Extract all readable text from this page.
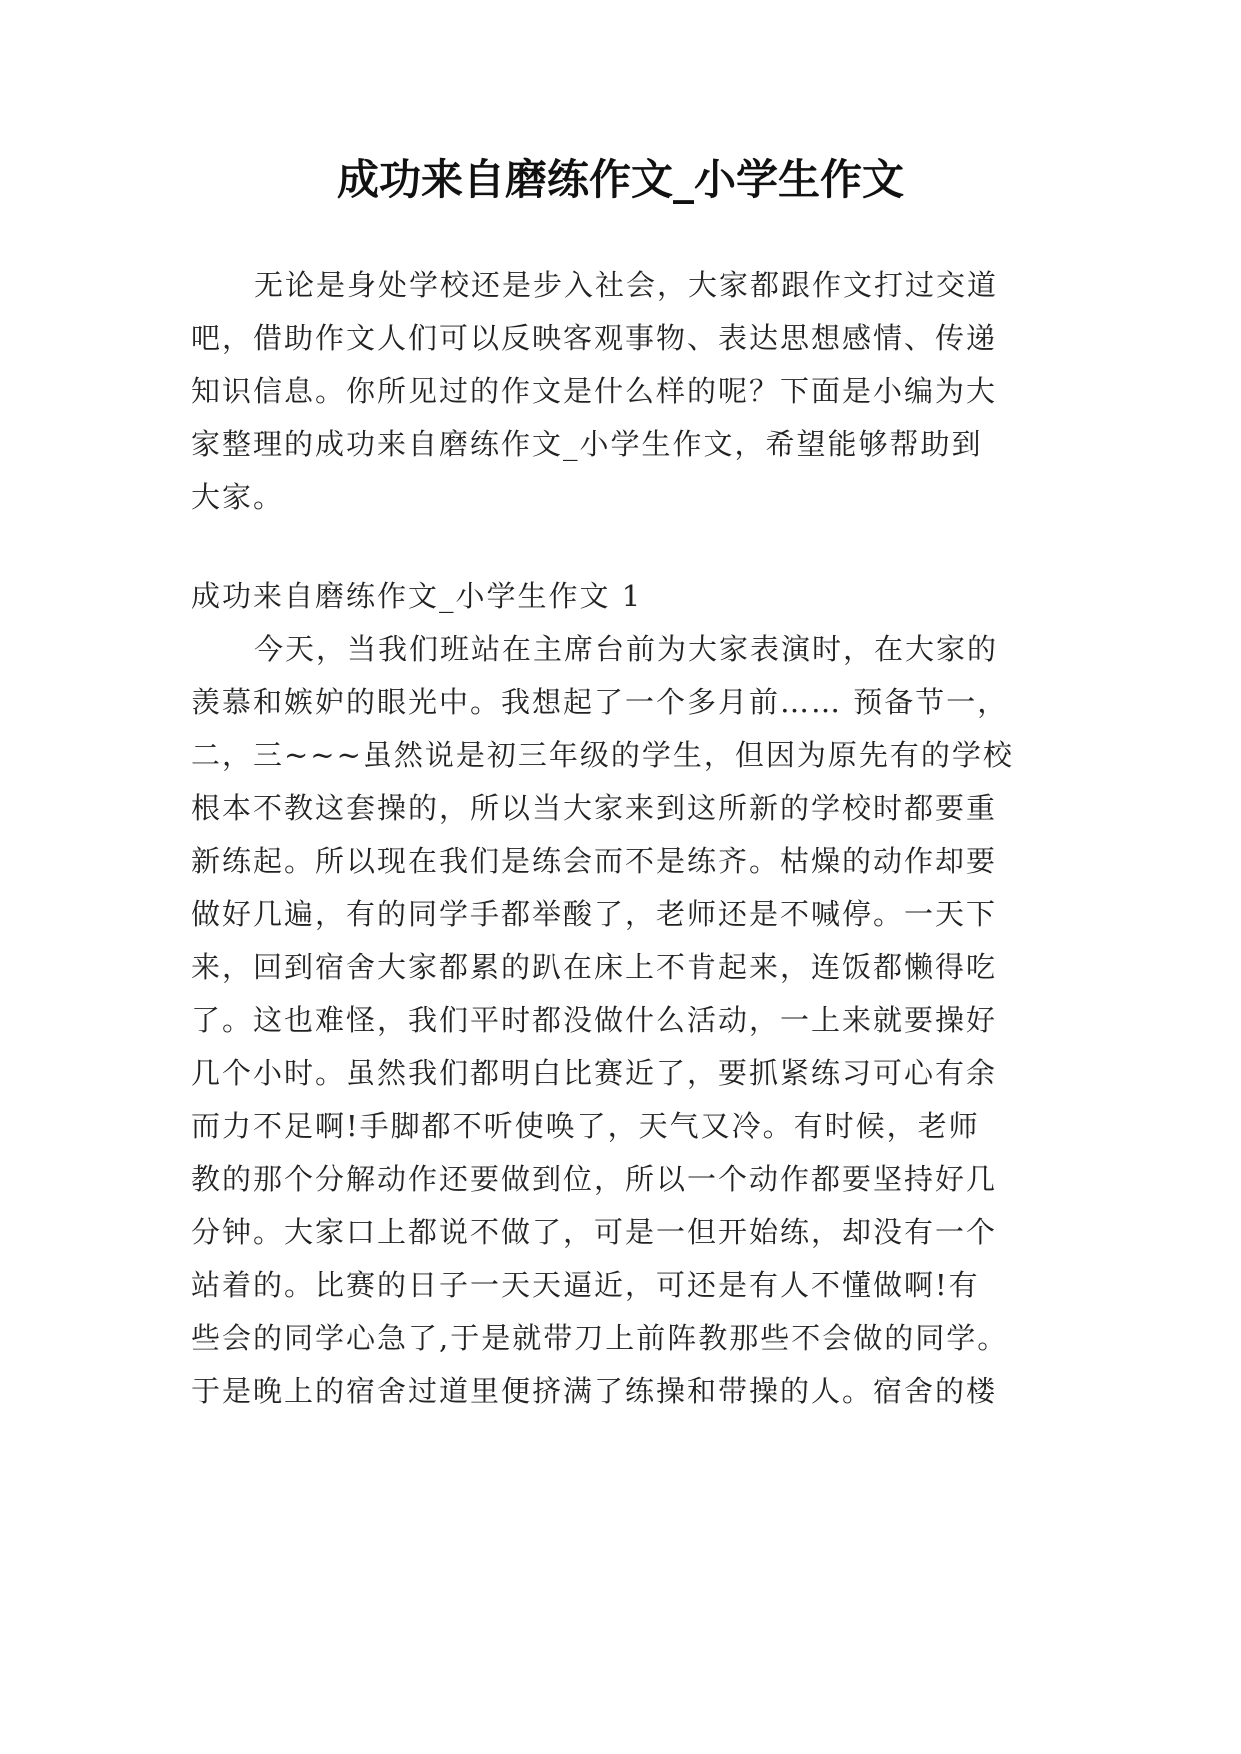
成功来自磨练作文_小学生作文

无论是身处学校还是步入社会，大家都跟作文打过交道

吧，借助作文人们可以反映客观事物、表达思想感情、传递

知识信息。你所见过的作文是什么样的呢？下面是小编为大

家整理的成功来自磨练作文_小学生作文，希望能够帮助到

大家。

成功来自磨练作文_小学生作文 1

今天，当我们班站在主席台前为大家表演时，在大家的

羡慕和嫉妒的眼光中。我想起了一个多月前…… 预备节一，

二，三~~~虽然说是初三年级的学生，但因为原先有的学校

根本不教这套操的，所以当大家来到这所新的学校时都要重

新练起。所以现在我们是练会而不是练齐。枯燥的动作却要

做好几遍，有的同学手都举酸了，老师还是不喊停。一天下

来，回到宿舍大家都累的趴在床上不肯起来，连饭都懒得吃

了。这也难怪，我们平时都没做什么活动，一上来就要操好

几个小时。虽然我们都明白比赛近了，要抓紧练习可心有余

而力不足啊!手脚都不听使唤了，天气又冷。有时候，老师

教的那个分解动作还要做到位，所以一个动作都要坚持好几

分钟。大家口上都说不做了，可是一但开始练，却没有一个

站着的。比赛的日子一天天逼近，可还是有人不懂做啊!有

些会的同学心急了,于是就带刀上前阵教那些不会做的同学。

于是晚上的宿舍过道里便挤满了练操和带操的人。宿舍的楼
